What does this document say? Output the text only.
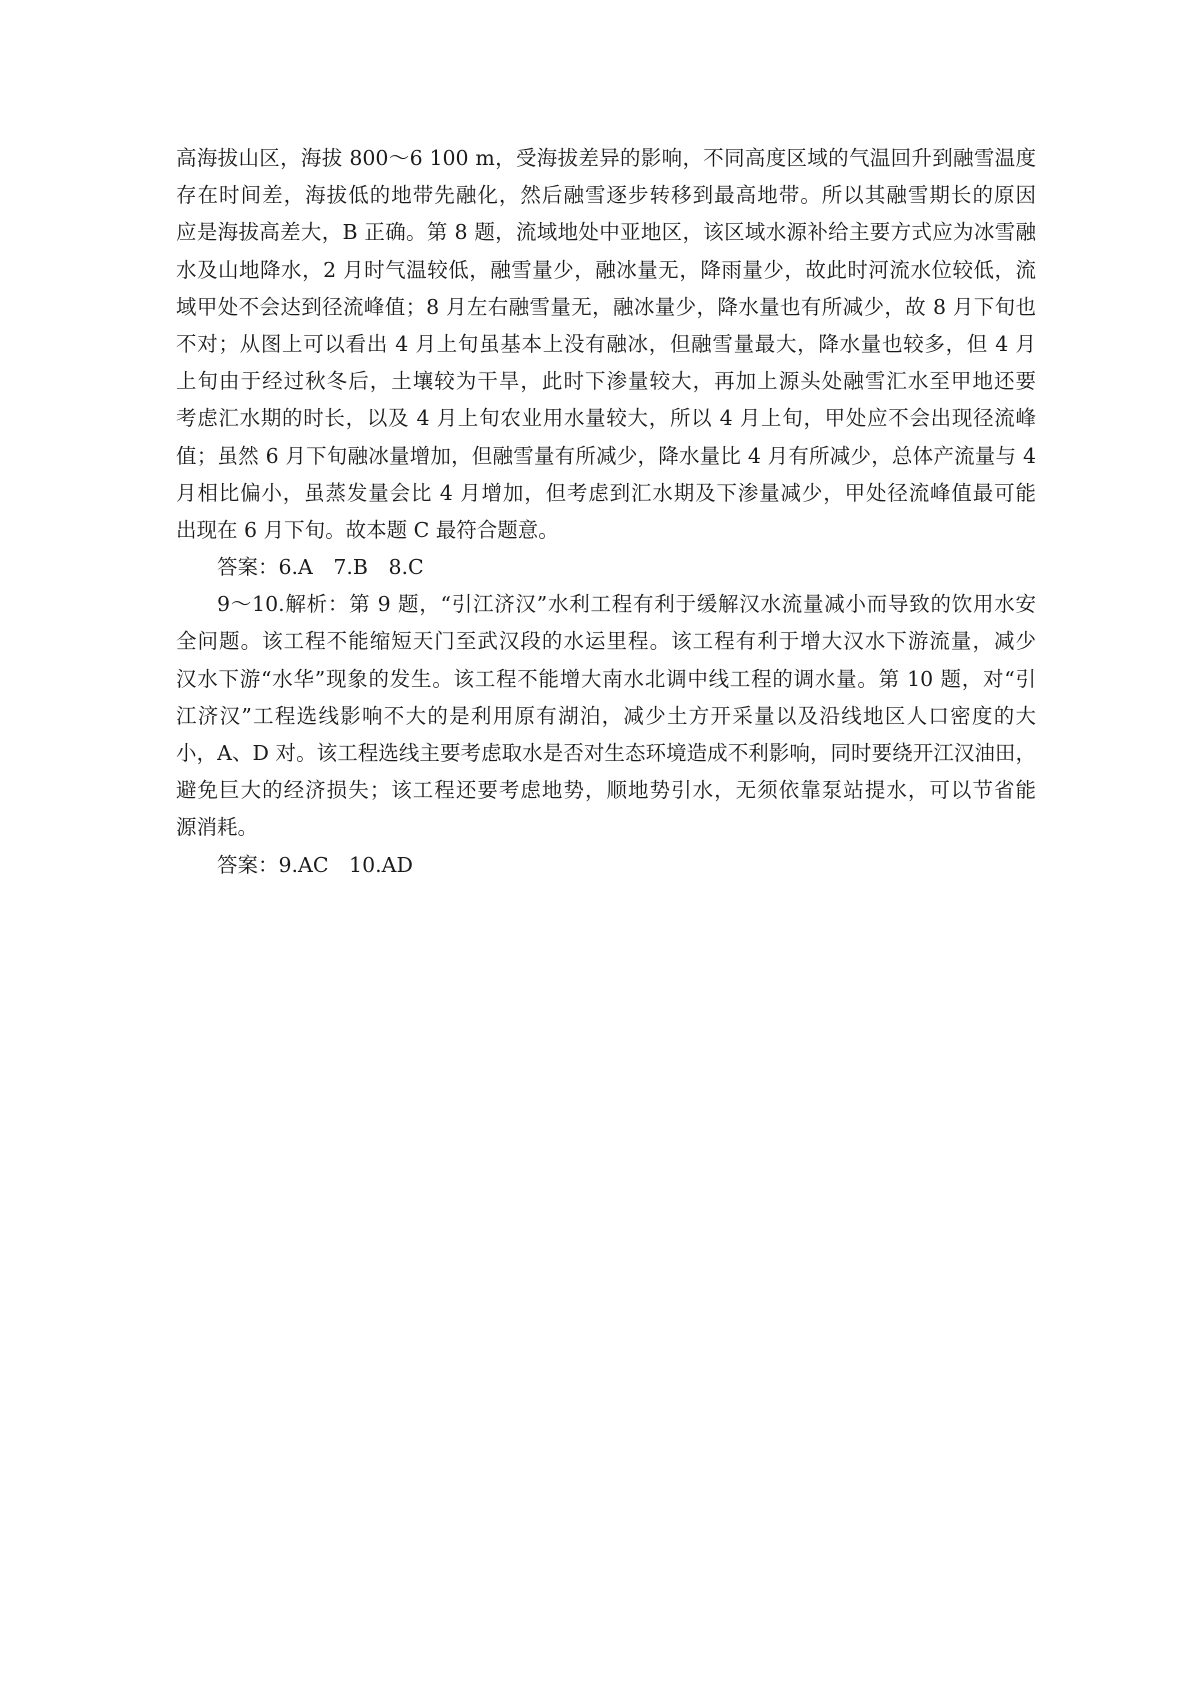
高海拔山区，海拔 800～6 100 m，受海拔差异的影响，不同高度区域的气温回升到融雪温度
存在时间差，海拔低的地带先融化，然后融雪逐步转移到最高地带。所以其融雪期长的原因
应是海拔高差大，B 正确。第 8 题，流域地处中亚地区，该区域水源补给主要方式应为冰雪融
水及山地降水，2 月时气温较低，融雪量少，融冰量无，降雨量少，故此时河流水位较低，流
域甲处不会达到径流峰值；8 月左右融雪量无，融冰量少，降水量也有所减少，故 8 月下旬也
不对；从图上可以看出 4 月上旬虽基本上没有融冰，但融雪量最大，降水量也较多，但 4 月
上旬由于经过秋冬后，土壤较为干旱，此时下渗量较大，再加上源头处融雪汇水至甲地还要
考虑汇水期的时长，以及 4 月上旬农业用水量较大，所以 4 月上旬，甲处应不会出现径流峰
值；虽然 6 月下旬融冰量增加，但融雪量有所减少，降水量比 4 月有所减少，总体产流量与 4
月相比偏小，虽蒸发量会比 4 月增加，但考虑到汇水期及下渗量减少，甲处径流峰值最可能
出现在 6 月下旬。故本题 C 最符合题意。
答案：6.A　7.B　8.C
9～10.解析：第 9 题，“引江济汉”水利工程有利于缓解汉水流量减小而导致的饮用水安
全问题。该工程不能缩短天门至武汉段的水运里程。该工程有利于增大汉水下游流量，减少
汉水下游“水华”现象的发生。该工程不能增大南水北调中线工程的调水量。第 10 题，对“引
江济汉”工程选线影响不大的是利用原有湖泊，减少土方开采量以及沿线地区人口密度的大
小，A、D 对。该工程选线主要考虑取水是否对生态环境造成不利影响，同时要绕开江汉油田，
避免巨大的经济损失；该工程还要考虑地势，顺地势引水，无须依靠泵站提水，可以节省能
源消耗。
答案：9.AC　10.AD
